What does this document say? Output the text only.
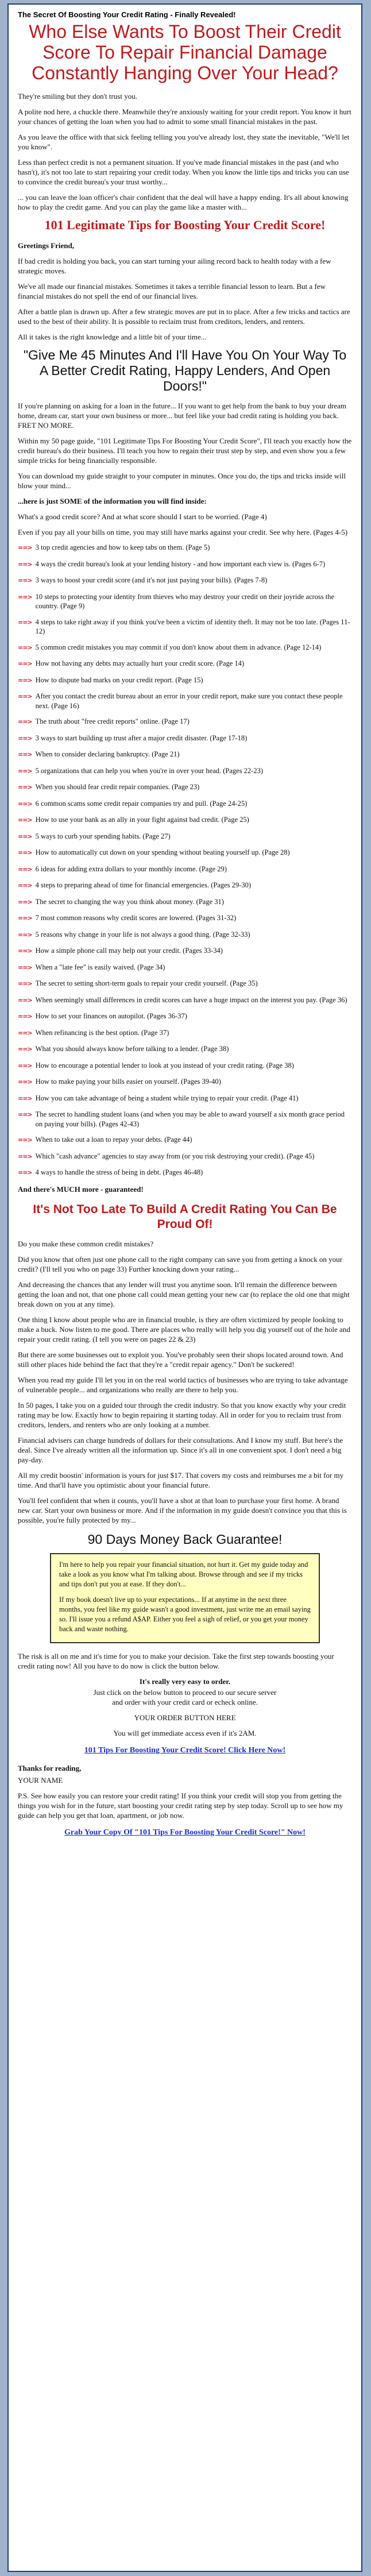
The Secret Of Boosting Your Credit Rating - Finally Revealed!
Who Else Wants To Boost Their Credit Score To Repair Financial Damage Constantly Hanging Over Your Head?

They're smiling but they don't trust you.

A polite nod here, a chuckle there. Meanwhile they're anxiously waiting for your credit report. You know it hurt your chances of getting the loan when you had to admit to some small financial mistakes in the past.

As you leave the office with that sick feeling telling you you've already lost, they state the inevitable, "We'll let you know".

Less than perfect credit is not a permanent situation. If you've made financial mistakes in the past (and who hasn't), it's not too late to start repairing your credit today. When you know the little tips and tricks you can use to convince the credit bureau's your trust worthy...

... you can leave the loan officer's chair confident that the deal will have a happy ending. It's all about knowing how to play the credit game. And you can play the game like a master with...

101 Legitimate Tips for Boosting Your Credit Score!

Greetings Friend,

If bad credit is holding you back, you can start turning your ailing record back to health today with a few strategic moves.

We've all made our financial mistakes. Sometimes it takes a terrible financial lesson to learn. But a few financial mistakes do not spell the end of our financial lives.

After a battle plan is drawn up. After a few strategic moves are put in to place. After a few tricks and tactics are used to the best of their ability. It is possible to reclaim trust from creditors, lenders, and renters.

All it takes is the right knowledge and a little bit of your time...

"Give Me 45 Minutes And I'll Have You On Your Way To A Better Credit Rating, Happy Lenders, And Open Doors!"

If you're planning on asking for a loan in the future... If you want to get help from the bank to buy your dream home, dream car, start your own business or more... but feel like your bad credit rating is holding you back. FRET NO MORE.

Within my 50 page guide, "101 Legitimate Tips For Boosting Your Credit Score", I'll teach you exactly how the credit bureau's do their business. I'll teach you how to regain their trust step by step, and even show you a few simple tricks for being financially responsible.

You can download my guide straight to your computer in minutes. Once you do, the tips and tricks inside will blow your mind...

...here is just SOME of the information you will find inside:

What's a good credit score? And at what score should I start to be worried. (Page 4)

Even if you pay all your bills on time, you may still have marks against your credit. See why here. (Pages 4-5)

==> 3 top credit agencies and how to keep tabs on them. (Page 5)
==> 4 ways the credit bureau's look at your lending history - and how important each view is. (Pages 6-7)
==> 3 ways to boost your credit score (and it's not just paying your bills). (Pages 7-8)
==> 10 steps to protecting your identity from thieves who may destroy your credit on their joyride across the country. (Page 9)
==> 4 steps to take right away if you think you've been a victim of identity theft. It may not be too late. (Pages 11-12)
==> 5 common credit mistakes you may commit if you don't know about them in advance. (Page 12-14)
==> How not having any debts may actually hurt your credit score. (Page 14)
==> How to dispute bad marks on your credit report. (Page 15)
==> After you contact the credit bureau about an error in your credit report, make sure you contact these people next. (Page 16)
==> The truth about "free credit reports" online. (Page 17)
==> 3 ways to start building up trust after a major credit disaster. (Page 17-18)
==> When to consider declaring bankruptcy. (Page 21)
==> 5 organizations that can help you when you're in over your head. (Pages 22-23)
==> When you should fear credit repair companies. (Page 23)
==> 6 common scams some credit repair companies try and pull. (Page 24-25)
==> How to use your bank as an ally in your fight against bad credit. (Page 25)
==> 5 ways to curb your spending habits. (Page 27)
==> How to automatically cut down on your spending without beating yourself up. (Page 28)
==> 6 ideas for adding extra dollars to your monthly income. (Page 29)
==> 4 steps to preparing ahead of time for financial emergencies. (Pages 29-30)
==> The secret to changing the way you think about money. (Page 31)
==> 7 most common reasons why credit scores are lowered. (Pages 31-32)
==> 5 reasons why change in your life is not always a good thing. (Page 32-33)
==> How a simple phone call may help out your credit. (Pages 33-34)
==> When a "late fee" is easily waived. (Page 34)
==> The secret to setting short-term goals to repair your credit yourself. (Page 35)
==> When seemingly small differences in credit scores can have a huge impact on the interest you pay. (Page 36)
==> How to set your finances on autopilot. (Pages 36-37)
==> When refinancing is the best option. (Page 37)
==> What you should always know before talking to a lender. (Page 38)
==> How to encourage a potential lender to look at you instead of your credit rating. (Page 38)
==> How to make paying your bills easier on yourself. (Pages 39-40)
==> How you can take advantage of being a student while trying to repair your credit. (Page 41)
==> The secret to handling student loans (and when you may be able to award yourself a six month grace period on paying your bills). (Pages 42-43)
==> When to take out a loan to repay your debts. (Page 44)
==> Which "cash advance" agencies to stay away from (or you risk destroying your credit). (Page 45)
==> 4 ways to handle the stress of being in debt. (Pages 46-48)

And there's MUCH more - guaranteed!

It's Not Too Late To Build A Credit Rating You Can Be Proud Of!

Do you make these common credit mistakes?

Did you know that often just one phone call to the right company can save you from getting a knock on your credit? (I'll tell you who on page 33) Further knocking down your rating...

And decreasing the chances that any lender will trust you anytime soon. It'll remain the difference between getting the loan and not, that one phone call could mean getting your new car (to replace the old one that might break down on you at any time).

One thing I know about people who are in financial trouble, is they are often victimized by people looking to make a buck. Now listen to me good. There are places who really will help you dig yourself out of the hole and repair your credit rating. (I tell you were on pages 22 & 23)

But there are some businesses out to exploit you. You've probably seen their shops located around town. And still other places hide behind the fact that they're a "credit repair agency." Don't be suckered!

When you read my guide I'll let you in on the real world tactics of businesses who are trying to take advantage of vulnerable people... and organizations who really are there to help you.

In 50 pages, I take you on a guided tour through the credit industry. So that you know exactly why your credit rating may be low. Exactly how to begin repairing it starting today. All in order for you to reclaim trust from creditors, lenders, and renters who are only looking at a number.

Financial advisers can charge hundreds of dollars for their consultations. And I know my stuff. But here's the deal. Since I've already written all the information up. Since it's all in one convenient spot. I don't need a big pay-day.

All my credit boostin' information is yours for just $17. That covers my costs and reimburses me a bit for my time. And that'll have you optimistic about your financial future.

You'll feel confident that when it counts, you'll have a shot at that loan to purchase your first home. A brand new car. Start your own business or more. And if the information in my guide doesn't convince you that this is possible, you're fully protected by my...

90 Days Money Back Guarantee!

I'm here to help you repair your financial situation, not hurt it. Get my guide today and take a look as you know what I'm talking about. Browse through and see if my tricks and tips don't put you at ease. If they don't...

If my book doesn't live up to your expectations... If at anytime in the next three months, you feel like my guide wasn't a good investment, just write me an email saying so. I'll issue you a refund A$AP. Either you feel a sigh of relief, or you get your money back and waste nothing.

The risk is all on me and it's time for you to make your decision. Take the first step towards boosting your credit rating now! All you have to do now is click the button below.

It's really very easy to order.

Just click on the below button to proceed to our secure server

and order with your credit card or echeck online.

YOUR ORDER BUTTON HERE

You will get immediate access even if it's 2AM.

101 Tips For Boosting Your Credit Score! Click Here Now!

Thanks for reading,

YOUR NAME

P.S. See how easily you can restore your credit rating! If you think your credit will stop you from getting the things you wish for in the future, start boosting your credit rating step by step today. Scroll up to see how my guide can help you get that loan, apartment, or job now.

Grab Your Copy Of "101 Tips For Boosting Your Credit Score!" Now!
